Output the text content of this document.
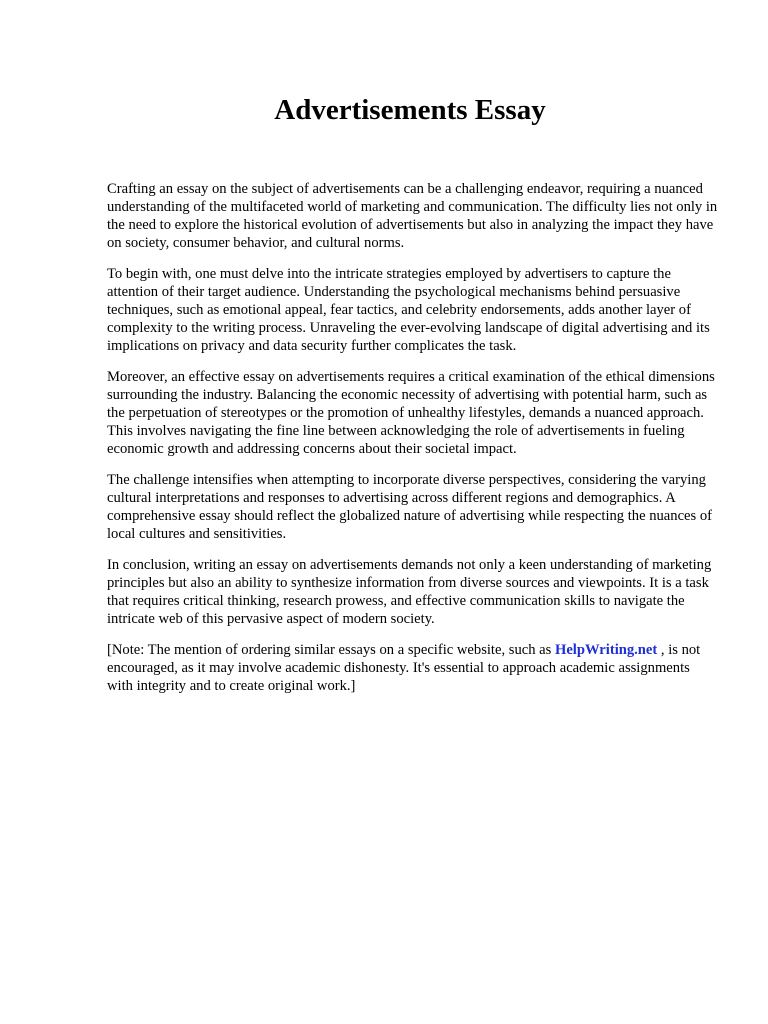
Advertisements Essay

Crafting an essay on the subject of advertisements can be a challenging endeavor, requiring a nuanced understanding of the multifaceted world of marketing and communication. The difficulty lies not only in the need to explore the historical evolution of advertisements but also in analyzing the impact they have on society, consumer behavior, and cultural norms.

To begin with, one must delve into the intricate strategies employed by advertisers to capture the attention of their target audience. Understanding the psychological mechanisms behind persuasive techniques, such as emotional appeal, fear tactics, and celebrity endorsements, adds another layer of complexity to the writing process. Unraveling the ever-evolving landscape of digital advertising and its implications on privacy and data security further complicates the task.

Moreover, an effective essay on advertisements requires a critical examination of the ethical dimensions surrounding the industry. Balancing the economic necessity of advertising with potential harm, such as the perpetuation of stereotypes or the promotion of unhealthy lifestyles, demands a nuanced approach. This involves navigating the fine line between acknowledging the role of advertisements in fueling economic growth and addressing concerns about their societal impact.

The challenge intensifies when attempting to incorporate diverse perspectives, considering the varying cultural interpretations and responses to advertising across different regions and demographics. A comprehensive essay should reflect the globalized nature of advertising while respecting the nuances of local cultures and sensitivities.

In conclusion, writing an essay on advertisements demands not only a keen understanding of marketing principles but also an ability to synthesize information from diverse sources and viewpoints. It is a task that requires critical thinking, research prowess, and effective communication skills to navigate the intricate web of this pervasive aspect of modern society.

[Note: The mention of ordering similar essays on a specific website, such as HelpWriting.net , is not encouraged, as it may involve academic dishonesty. It's essential to approach academic assignments with integrity and to create original work.]
